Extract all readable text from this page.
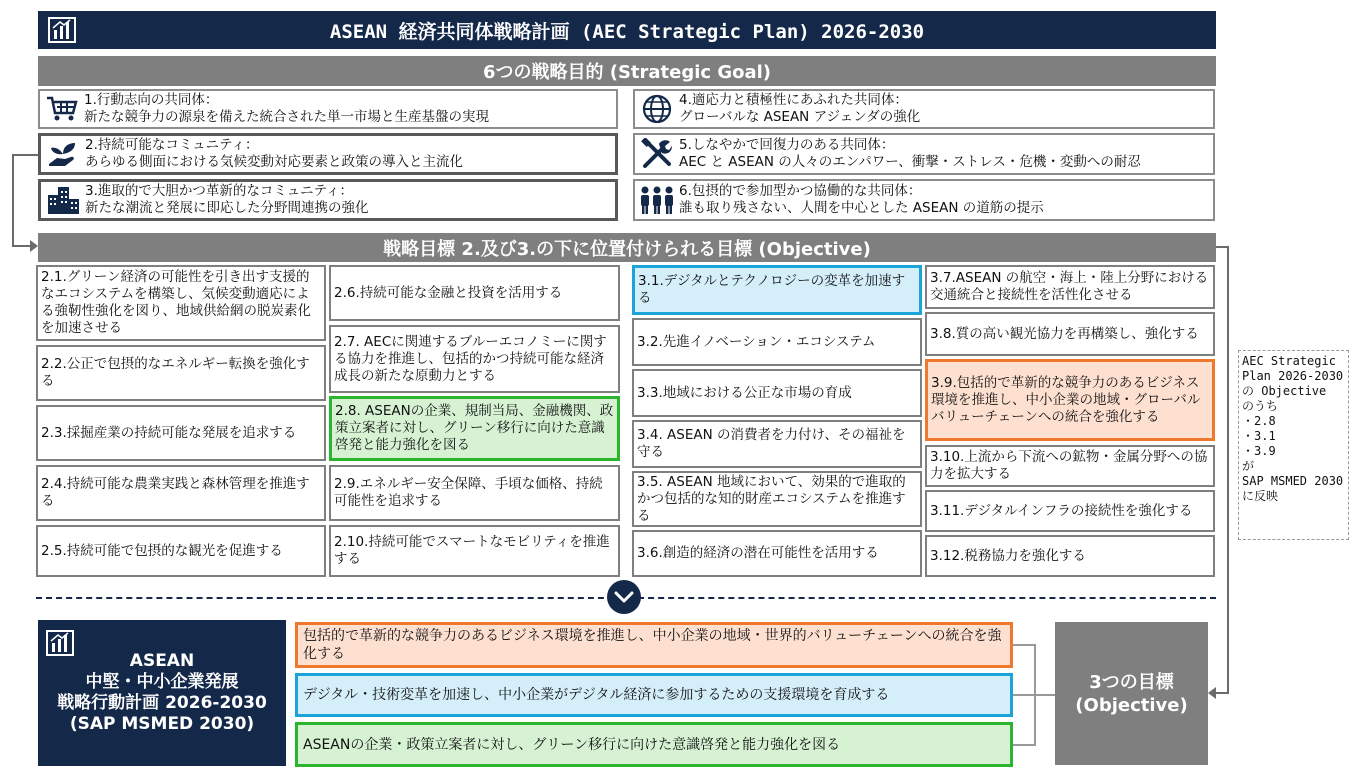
ASEAN 経済共同体戦略計画 (AEC Strategic Plan) 2026-2030
6つの戦略目的 (Strategic Goal)
1.行動志向の共同体：
新たな競争力の源泉を備えた統合された単一市場と生産基盤の実現
2.持続可能なコミュニティ：
あらゆる側面における気候変動対応要素と政策の導入と主流化
3.進取的で大胆かつ革新的なコミュニティ：
新たな潮流と発展に即応した分野間連携の強化
4.適応力と積極性にあふれた共同体：
グローバルな ASEAN アジェンダの強化
5.しなやかで回復力のある共同体：
AEC と ASEAN の人々のエンパワー、衝撃・ストレス・危機・変動への耐忍
6.包摂的で参加型かつ協働的な共同体：
誰も取り残さない、人間を中心とした ASEAN の道筋の提示
戦略目標 2.及び3.の下に位置付けられる目標 (Objective)
2.1.グリーン経済の可能性を引き出す支援的なエコシステムを構築し、気候変動適応による強靭性強化を図り、地域供給網の脱炭素化を加速させる
2.2.公正で包摂的なエネルギー転換を強化する
2.3.採掘産業の持続可能な発展を追求する
2.4.持続可能な農業実践と森林管理を推進する
2.5.持続可能で包摂的な観光を促進する
2.6.持続可能な金融と投資を活用する
2.7. AECに関連するブルーエコノミーに関する協力を推進し、包括的かつ持続可能な経済成長の新たな原動力とする
2.8. ASEANの企業、規制当局、金融機関、政策立案者に対し、グリーン移行に向けた意識啓発と能力強化を図る
2.9.エネルギー安全保障、手頃な価格、持続可能性を追求する
2.10.持続可能でスマートなモビリティを推進する
3.1.デジタルとテクノロジーの変革を加速する
3.2.先進イノベーション・エコシステム
3.3.地域における公正な市場の育成
3.4. ASEAN の消費者を力付け、その福祉を守る
3.5. ASEAN 地域において、効果的で進取的かつ包括的な知的財産エコシステムを推進する
3.6.創造的経済の潜在可能性を活用する
3.7.ASEAN の航空・海上・陸上分野における交通統合と接続性を活性化させる
3.8.質の高い観光協力を再構築し、強化する
3.9.包括的で革新的な競争力のあるビジネス環境を推進し、中小企業の地域・グローバルバリューチェーンへの統合を強化する
3.10.上流から下流への鉱物・金属分野への協力を拡大する
3.11.デジタルインフラの接続性を強化する
3.12.税務協力を強化する
AEC Strategic
Plan 2026-2030
の Objective
のうち
・2.8
・3.1
・3.9
が
SAP MSMED 2030
に反映
ASEAN
中堅・中小企業発展
戦略行動計画 2026-2030
(SAP MSMED 2030)
包括的で革新的な競争力のあるビジネス環境を推進し、中小企業の地域・世界的バリューチェーンへの統合を強化する
デジタル・技術変革を加速し、中小企業がデジタル経済に参加するための支援環境を育成する
ASEANの企業・政策立案者に対し、グリーン移行に向けた意識啓発と能力強化を図る
3つの目標
(Objective)
